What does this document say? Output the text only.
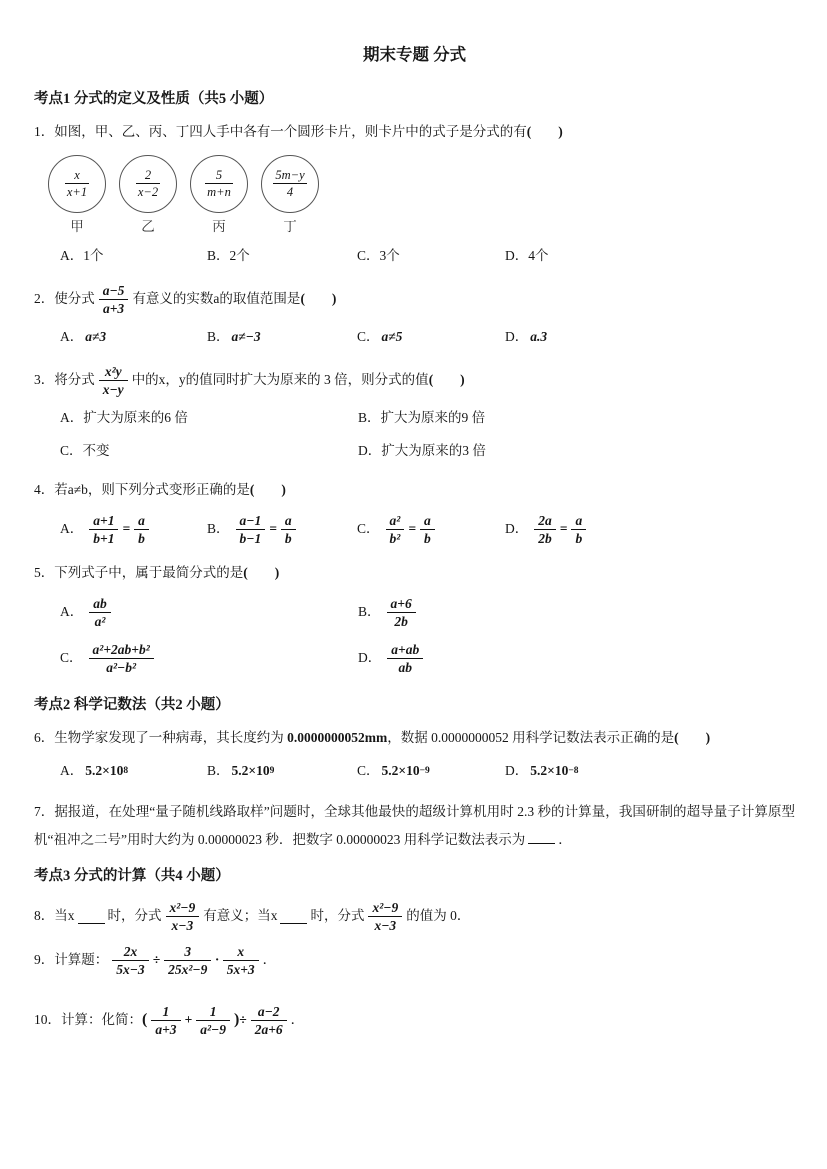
期末专题 分式
考点1 分式的定义及性质（共5 小题）
1．如图，甲、乙、丙、丁四人手中各有一个圆形卡片，则卡片中的式子是分式的有(　　)
$\frac{x}{x+1}$
甲
$\frac{2}{x-2}$
乙
$\frac{5}{m+n}$
丙
$\frac{5m-y}{4}$
丁
A．1个	B．2个	C．3个	D．4个
2．使分式 $\frac{a-5}{a+3}$ 有意义的实数a的取值范围是 (　　)
A． a≠3	B． a≠−3	C． a≠5	D． a.3
3．将分式 $\frac{\text{x²y}}{x-y}$ 中的x，y的值同时扩大为原来的 3 倍，则分式的值 (　　)
A．扩大为原来的6 倍	B．扩大为原来的9 倍
C．不变	D．扩大为原来的3 倍
4．若a≠b，则下列分式变形正确的是(　　)
A． $\frac{a+1}{b+1} = \frac{a}{b}$	B． $\frac{a-1}{b-1} = \frac{a}{b}$	C． $\frac{\text{a²}}{\text{b²}} = \frac{a}{b}$	D． $\frac{2a}{2b} = \frac{a}{b}$
5．下列式子中，属于最简分式的是(　　)
A． $\frac{ab}{\text{a²}}$	B． $\frac{a+6}{2b}$
C． $\frac{\text{a²+2ab+b²}}{\text{a²−b²}}$	D． $\frac{a+ab}{ab}$
考点2 科学记数法（共2 小题）
6．生物学家发现了一种病毒，其长度约为 0.0000000052mm，数据 0.0000000052 用科学记数法表示正确的是(　　)
A． 5.2×10 8	B． 5.2×10 9	C． 5.2×10 −9	D． 5.2×10 −8
7．据报道，在处理“量子随机线路取样”问题时，全球其他最快的超级计算机用时 2.3 秒的计算量，我国研制的超导量子计算原型机“祖冲之二号”用时大约为 0.00000023 秒．把数字 0.00000023 用科学记数法表示为 ．
考点3 分式的计算（共4 小题）
8．当x 时，分式 $\frac{\text{x²−9}}{x-3}$ 有意义；当x 时，分式 $\frac{\text{x²−9}}{x-3}$ 的值为 0．
9．计算题： $\frac{2x}{5x-3} \div \frac{3}{\text{25x²−9}} \cdot \frac{x}{5x+3}$ ．
10．计算：化简： ( $\frac{1}{a+3} + \frac{1}{\text{a²−9}}$ ) ÷ $\frac{a-2}{2a+6}$ ．
